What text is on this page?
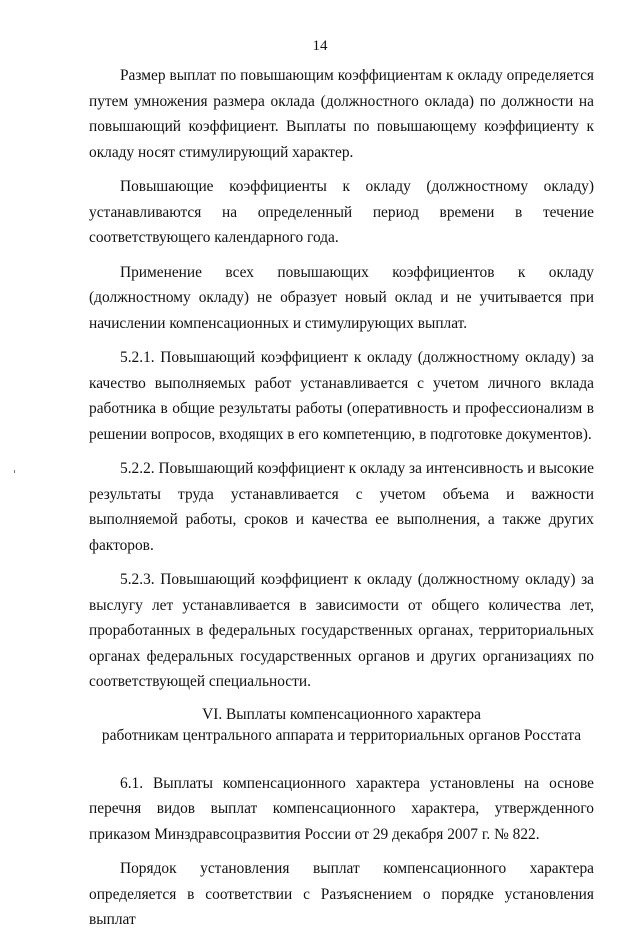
14

Размер выплат по повышающим коэффициентам к окладу определяется путем умножения размера оклада (должностного оклада) по должности на повышающий коэффициент. Выплаты по повышающему коэффициенту к окладу носят стимулирующий характер.

Повышающие коэффициенты к окладу (должностному окладу) устанавливаются на определенный период времени в течение соответствующего календарного года.

Применение всех повышающих коэффициентов к окладу (должностному окладу) не образует новый оклад и не учитывается при начислении компенсационных и стимулирующих выплат.

5.2.1. Повышающий коэффициент к окладу (должностному окладу) за качество выполняемых работ устанавливается с учетом личного вклада работника в общие результаты работы (оперативность и профессионализм в решении вопросов, входящих в его компетенцию, в подготовке документов).

5.2.2. Повышающий коэффициент к окладу за интенсивность и высокие результаты труда устанавливается с учетом объема и важности выполняемой работы, сроков и качества ее выполнения, а также других факторов.

5.2.3. Повышающий коэффициент к окладу (должностному окладу) за выслугу лет устанавливается в зависимости от общего количества лет, проработанных в федеральных государственных органах, территориальных органах федеральных государственных органов и других организациях по соответствующей специальности.

VI. Выплаты компенсационного характера
работникам центрального аппарата и территориальных органов Росстата

6.1. Выплаты компенсационного характера установлены на основе перечня видов выплат компенсационного характера, утвержденного приказом Минздравсоцразвития России от 29 декабря 2007 г. № 822.

Порядок установления выплат компенсационного характера определяется в соответствии с Разъяснением о порядке установления выплат
